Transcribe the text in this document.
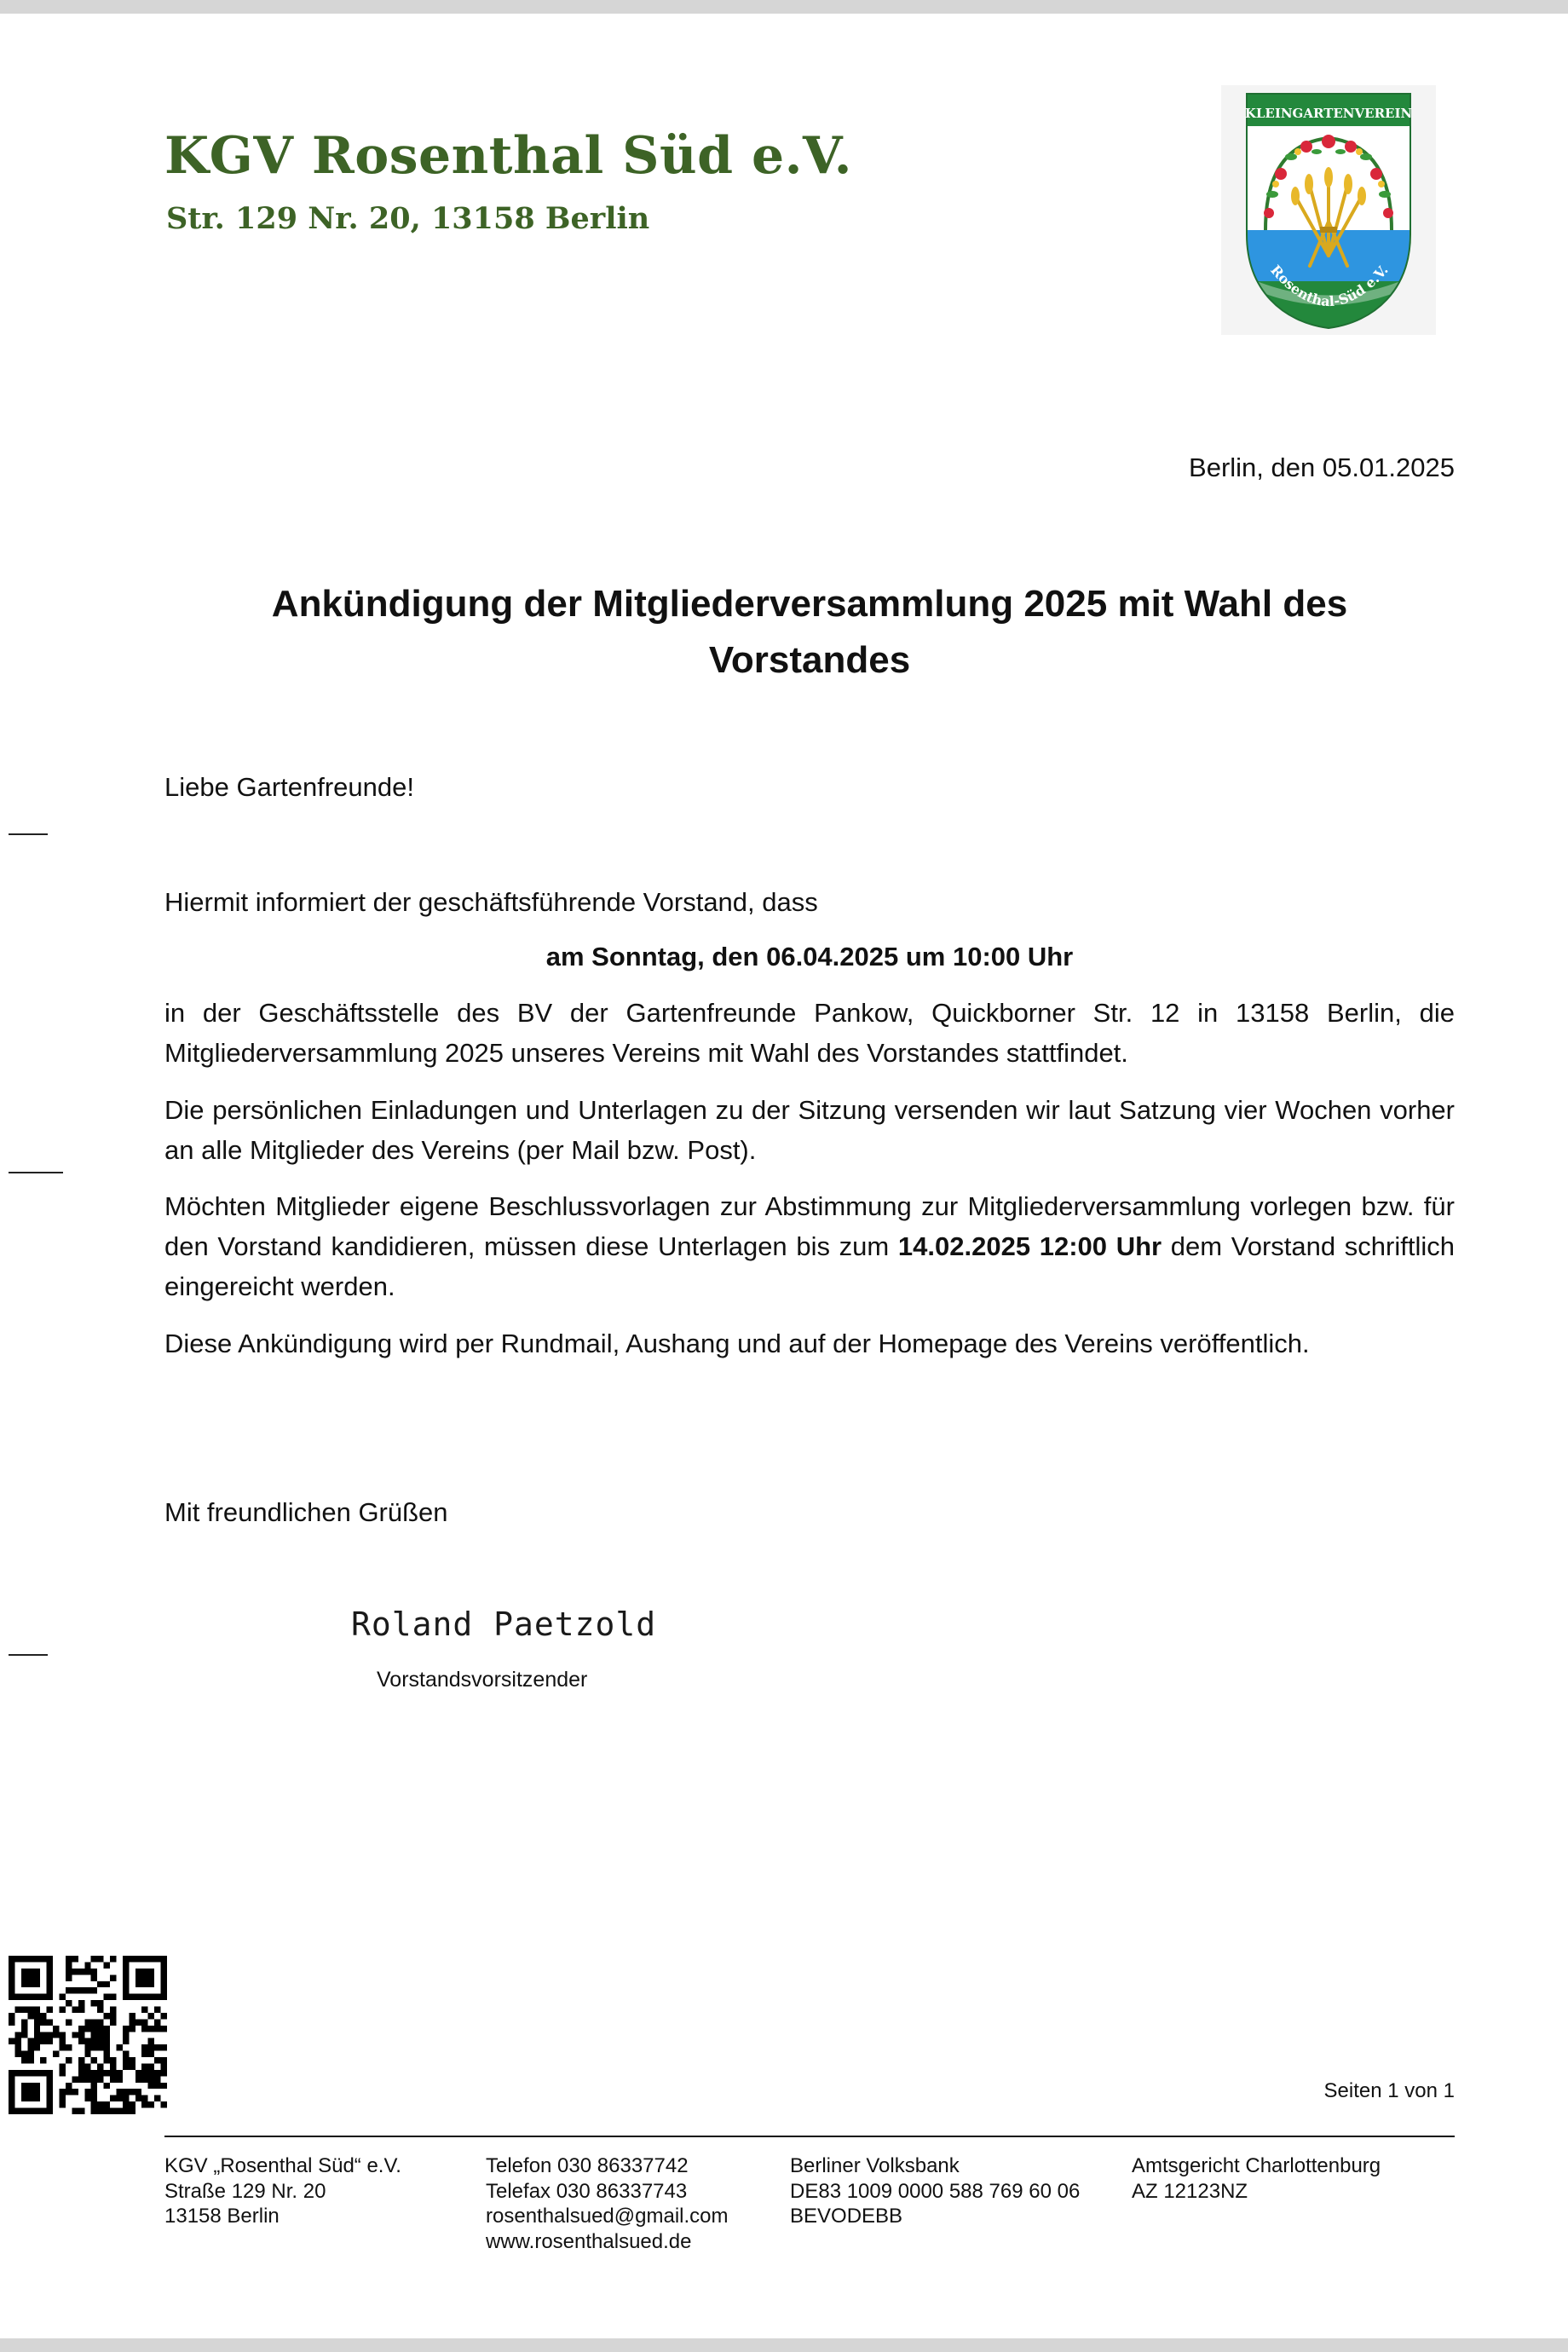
KGV Rosenthal Süd e.V.

Str. 129 Nr. 20, 13158 Berlin

KLEINGARTENVEREIN
Rosenthal-Süd e.V.
Berlin, den 05.01.2025
Ankündigung der Mitgliederversammlung 2025 mit Wahl des
Vorstandes
Liebe Gartenfreunde!
Hiermit informiert der geschäftsführende Vorstand, dass
am Sonntag, den 06.04.2025 um 10:00 Uhr

in der Geschäftsstelle des BV der Gartenfreunde Pankow, Quickborner Str. 12 in 13158 Berlin, die Mitgliederversammlung 2025 unseres Vereins mit Wahl des Vorstandes stattfindet.

Die persönlichen Einladungen und Unterlagen zu der Sitzung versenden wir laut Satzung vier Wochen vorher an alle Mitglieder des Vereins (per Mail bzw. Post).

Möchten Mitglieder eigene Beschlussvorlagen zur Abstimmung zur Mitgliederversammlung vorlegen bzw. für den Vorstand kandidieren, müssen diese Unterlagen bis zum 14.02.2025 12:00 Uhr dem Vorstand schriftlich eingereicht werden.

Diese Ankündigung wird per Rundmail, Aushang und auf der Homepage des Vereins veröffentlich.

Mit freundlichen Grüßen
Roland Paetzold
Vorstandsvorsitzender
Seiten 1 von 1
KGV „Rosenthal Süd“ e.V.
Straße 129 Nr. 20
13158 Berlin
Telefon 030 86337742
Telefax 030 86337743
rosenthalsued@gmail.com
www.rosenthalsued.de
Berliner Volksbank
DE83 1009 0000 588 769 60 06
BEVODEBB
Amtsgericht Charlottenburg
AZ 12123NZ
